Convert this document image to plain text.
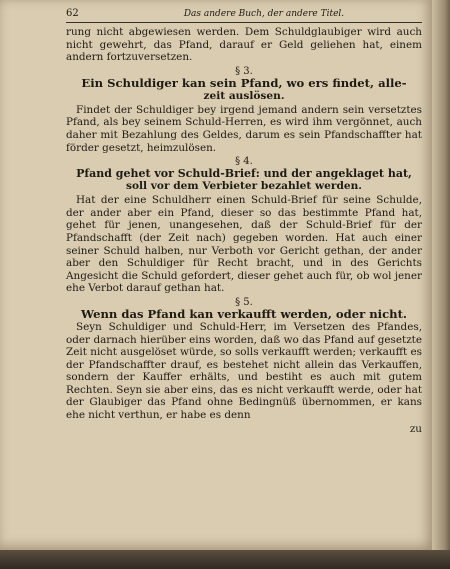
62	Das andere Buch, der andere Titel.

rung nicht abgewiesen werden. Dem Schuldglaubiger wird auch nicht gewehrt, das Pfand, darauf er Geld geliehen hat, einem andern fortzuversetzen.

§ 3.
Ein Schuldiger kan sein Pfand, wo ers findet, alle-
zeit auslösen.

Findet der Schuldiger bey irgend jemand andern sein versetztes Pfand, als bey seinem Schuld-Herren, es wird ihm vergönnet, auch daher mit Bezahlung des Geldes, darum es sein Pfandschaffter hat förder gesetzt, heimzulösen.

§ 4.
Pfand gehet vor Schuld-Brief: und der angeklaget hat,
soll vor dem Verbieter bezahlet werden.

Hat der eine Schuldherr einen Schuld-Brief für seine Schulde, der ander aber ein Pfand, dieser so das bestimmte Pfand hat, gehet für jenen, unangesehen, daß der Schuld-Brief für der Pfandschafft (der Zeit nach) gegeben worden. Hat auch einer seiner Schuld halben, nur Verboth vor Gericht gethan, der ander aber den Schuldiger für Recht bracht, und in des Gerichts Angesicht die Schuld gefordert, dieser gehet auch für, ob wol jener ehe Verbot darauf gethan hat.

§ 5.
Wenn das Pfand kan verkaufft werden, oder nicht.

Seyn Schuldiger und Schuld-Herr, im Versetzen des Pfandes, oder darnach hierüber eins worden, daß wo das Pfand auf gesetzte Zeit nicht ausgelöset würde, so solls verkaufft werden; verkaufft es der Pfandschaffter drauf, es bestehet nicht allein das Verkauffen, sondern der Kauffer erhälts, und bestiht es auch mit gutem Rechten. Seyn sie aber eins, das es nicht verkaufft werde, oder hat der Glaubiger das Pfand ohne Bedingnüß übernommen, er kans ehe nicht verthun, er habe es denn

zu
